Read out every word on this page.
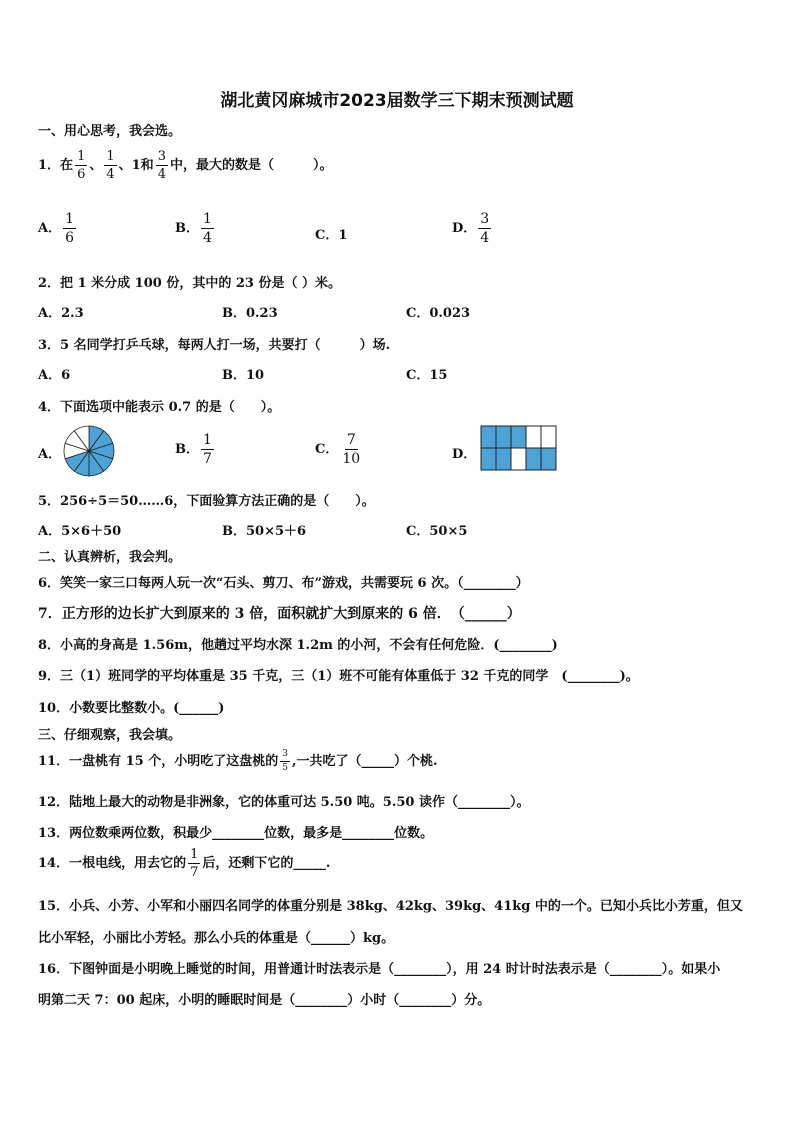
湖北黄冈麻城市2023届数学三下期末预测试题
一、用心思考，我会选。
1．在 $\frac{1}{6}$ 、 $\frac{1}{4}$ 、1和 $\frac{3}{4}$ 中，最大的数是（　　　）。
A． $\frac{1}{6}$	B． $\frac{1}{4}$	C．1	D． $\frac{3}{4}$
2．把 1 米分成 100 份，其中的 23 份是（ ）米。
A．2.3	B．0.23	C．0.023
3．5 名同学打乒乓球，每两人打一场，共要打（　　　）场.
A．6	B．10	C．15
4．下面选项中能表示 0.7 的是（　　）。
A．	B． $\frac{1}{7}$	C． $\frac{7}{10}$	D．
5．256÷5＝50……6，下面验算方法正确的是（　　）。
A．5×6＋50	B．50×5＋6	C．50×5
二、认真辨析，我会判。
6．笑笑一家三口每两人玩一次“石头、剪刀、布”游戏，共需要玩 6 次。（________）
7．正方形的边长扩大到原来的 3 倍，面积就扩大到原来的 6 倍．　（______）
8．小高的身高是 1.56m，他趟过平均水深 1.2m 的小河，不会有任何危险．(________)
9．三（1）班同学的平均体重是 35 千克，三（1）班不可能有体重低于 32 千克的同学　(________)。
10．小数要比整数小。(______)
三、仔细观察，我会填。
11．一盘桃有 15 个，小明吃了这盘桃的 $\frac{3}{5}$ ,一共吃了（_____）个桃.
12．陆地上最大的动物是非洲象，它的体重可达 5.50 吨。5.50 读作（________）。
13．两位数乘两位数，积最少________位数，最多是________位数。
14．一根电线，用去它的 $\frac{1}{7}$ 后，还剩下它的_____.
15．小兵、小芳、小军和小丽四名同学的体重分别是 38kg、42kg、39kg、41kg 中的一个。已知小兵比小芳重，但又
比小军轻，小丽比小芳轻。那么小兵的体重是（______）kg。
16．下图钟面是小明晚上睡觉的时间，用普通计时法表示是（________），用 24 时计时法表示是（________）。如果小
明第二天 7：00 起床，小明的睡眠时间是（________）小时（________）分。
